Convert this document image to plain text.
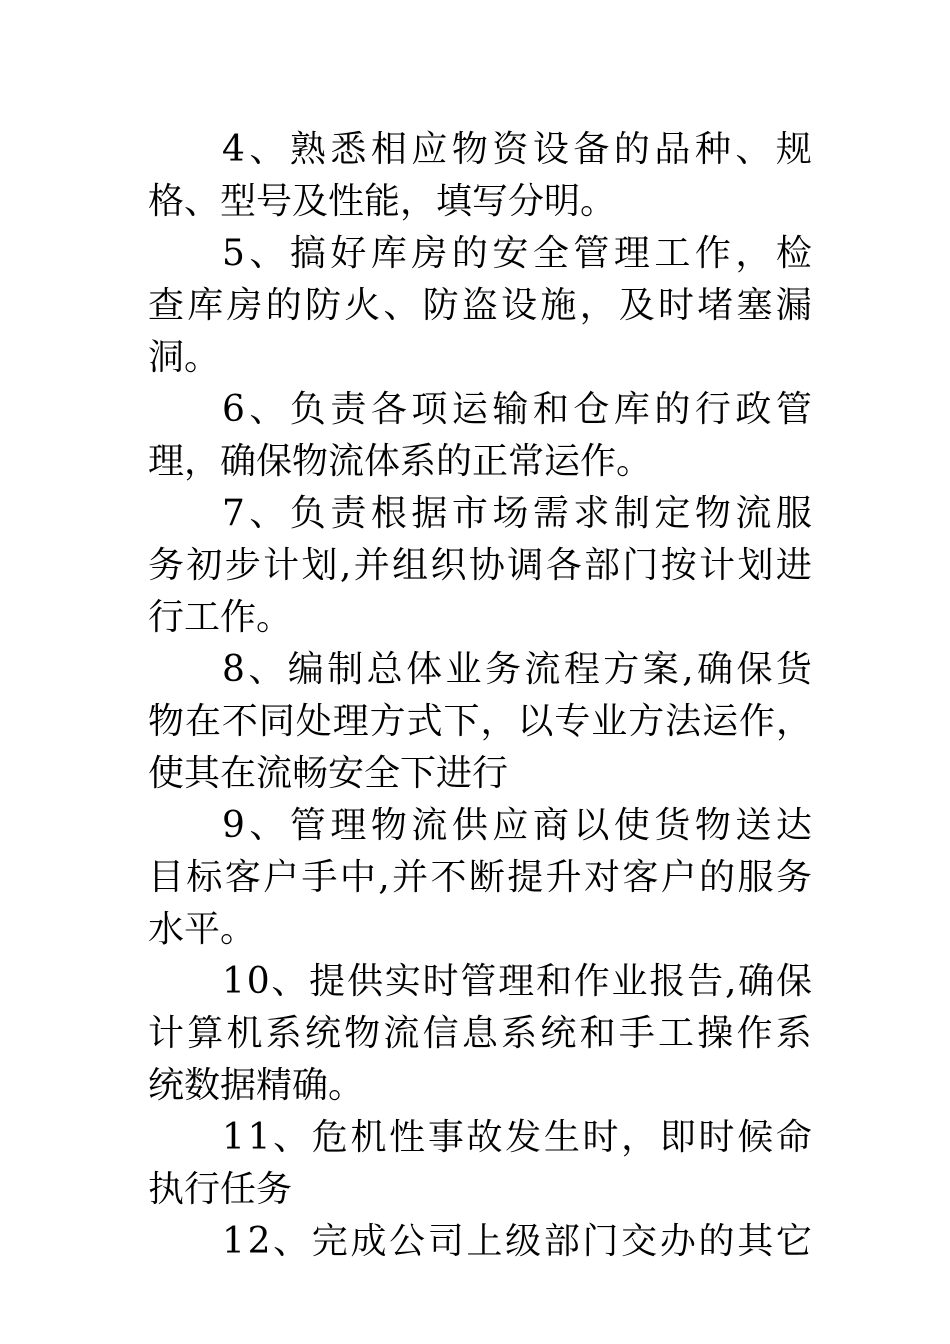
4 、 熟 悉 相 应 物 资 设 备 的 品 种 、 规
格、型号及性能，填写分明。
5 、 搞 好 库 房 的 安 全 管 理 工 作 ， 检
查 库 房 的 防 火 、 防 盗 设 施 ， 及 时 堵 塞 漏
洞。
6 、 负 责 各 项 运 输 和 仓 库 的 行 政 管
理，确保物流体系的正常运作。
7 、 负 责 根 据 市 场 需 求 制 定 物 流 服
务 初 步 计 划 , 并 组 织 协 调 各 部 门 按 计 划 进
行工作。
8 、 编 制 总 体 业 务 流 程 方 案 , 确 保 货
物 在 不 同 处 理 方 式 下 ， 以 专 业 方 法 运 作 ，
使其在流畅安全下进行
9 、 管 理 物 流 供 应 商 以 使 货 物 送 达
目 标 客 户 手 中 , 并 不 断 提 升 对 客 户 的 服 务
水平。
1 0 、 提 供 实 时 管 理 和 作 业 报 告 , 确 保
计 算 机 系 统 物 流 信 息 系 统 和 手 工 操 作 系
统数据精确。
1 1 、 危 机 性 事 故 发 生 时 ， 即 时 候 命
执行任务
1 2 、 完 成 公 司 上 级 部 门 交 办 的 其 它
